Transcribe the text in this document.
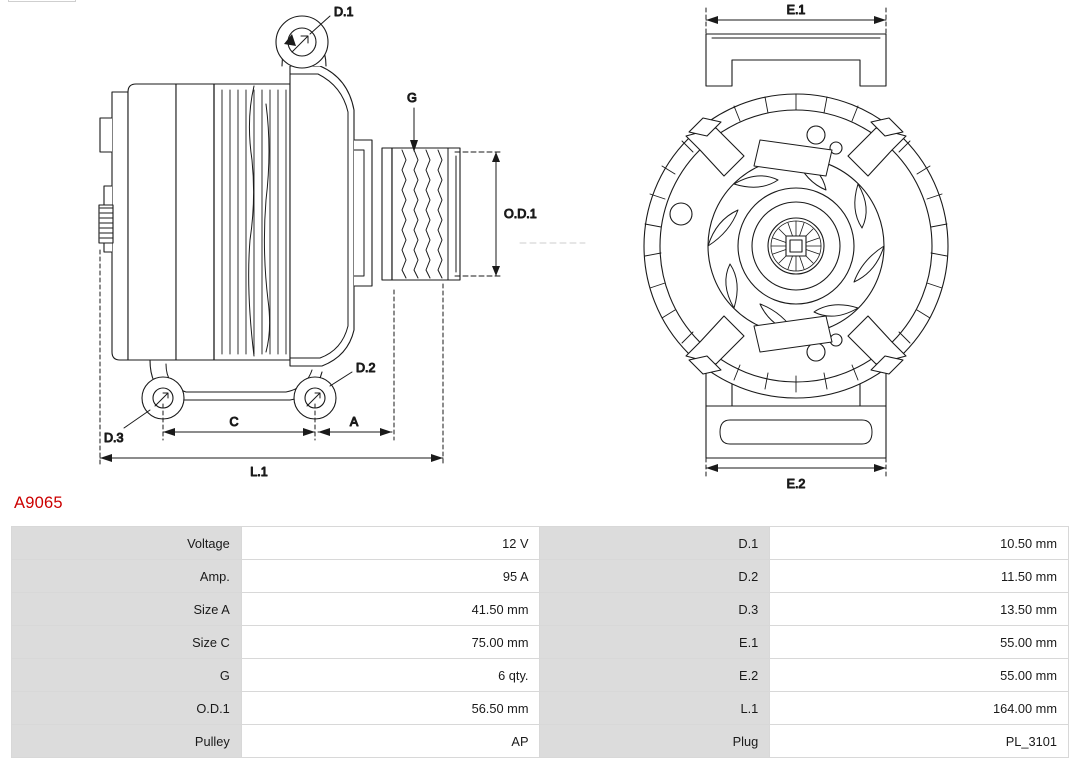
G
O.D.1
D.1
D.2
D.3
C	A
L.1
E.1
E.2
A9065
Voltage	12 V	D.1	10.50 mm
Amp.	95 A	D.2	11.50 mm
Size A	41.50 mm	D.3	13.50 mm
Size C	75.00 mm	E.1	55.00 mm
G	6 qty.	E.2	55.00 mm
O.D.1	56.50 mm	L.1	164.00 mm
Pulley	AP	Plug	PL_3101
